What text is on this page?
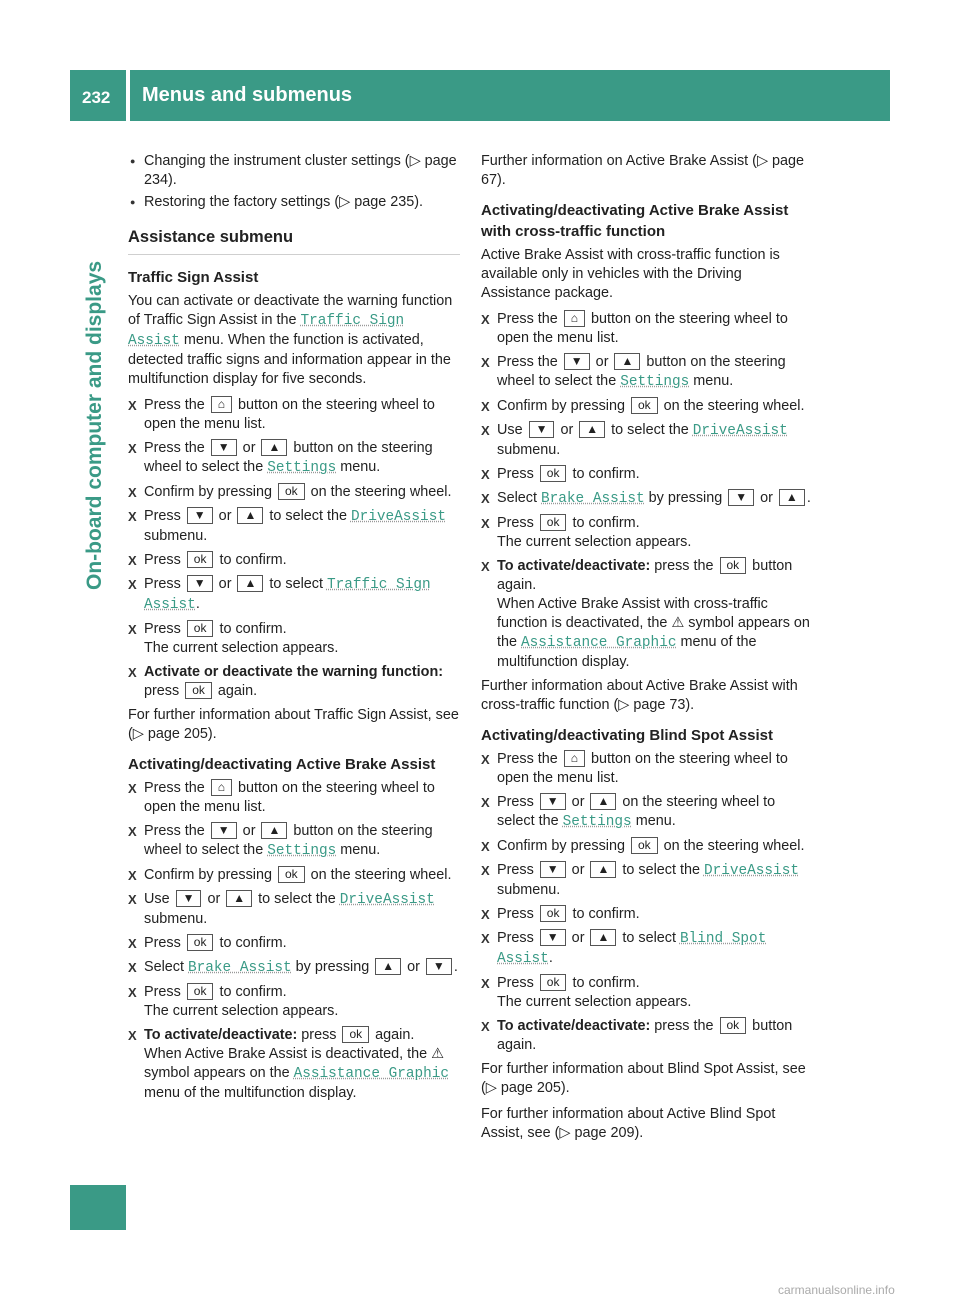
232 Menus and submenus
On-board computer and displays
● Changing the instrument cluster settings (▷ page 234).
● Restoring the factory settings (▷ page 235).
Assistance submenu
Traffic Sign Assist

You can activate or deactivate the warning function of Traffic Sign Assist in the Traffic Sign Assist menu. When the function is activated, detected traffic signs and information appear in the multifunction display for five seconds.

X Press the ⌂ button on the steering wheel to open the menu list.
X Press the ▼ or ▲ button on the steering wheel to select the Settings menu.
X Confirm by pressing ok on the steering wheel.
X Press ▼ or ▲ to select the DriveAssist submenu.
X Press ok to confirm.
X Press ▼ or ▲ to select Traffic Sign Assist.
X Press ok to confirm.
The current selection appears.
X Activate or deactivate the warning function: press ok again.

For further information about Traffic Sign Assist, see (▷ page 205).

Activating/deactivating Active Brake Assist
X Press the ⌂ button on the steering wheel to open the menu list.
X Press the ▼ or ▲ button on the steering wheel to select the Settings menu.
X Confirm by pressing ok on the steering wheel.
X Use ▼ or ▲ to select the DriveAssist submenu.
X Press ok to confirm.
X Select Brake Assist by pressing ▲ or ▼ .
X Press ok to confirm.
The current selection appears.
X To activate/deactivate: press ok again.
When Active Brake Assist is deactivated, the ⚠ symbol appears on the Assistance Graphic menu of the multifunction display.

Further information on Active Brake Assist (▷ page 67).

Activating/deactivating Active Brake Assist with cross-traffic function

Active Brake Assist with cross-traffic function is available only in vehicles with the Driving Assistance package.

X Press the ⌂ button on the steering wheel to open the menu list.
X Press the ▼ or ▲ button on the steering wheel to select the Settings menu.
X Confirm by pressing ok on the steering wheel.
X Use ▼ or ▲ to select the DriveAssist submenu.
X Press ok to confirm.
X Select Brake Assist by pressing ▼ or ▲ .
X Press ok to confirm.
The current selection appears.
X To activate/deactivate: press the ok button again.
When Active Brake Assist with cross-traffic function is deactivated, the ⚠ symbol appears on the Assistance Graphic menu of the multifunction display.

Further information about Active Brake Assist with cross-traffic function (▷ page 73).

Activating/deactivating Blind Spot Assist
X Press the ⌂ button on the steering wheel to open the menu list.
X Press ▼ or ▲ on the steering wheel to select the Settings menu.
X Confirm by pressing ok on the steering wheel.
X Press ▼ or ▲ to select the DriveAssist submenu.
X Press ok to confirm.
X Press ▼ or ▲ to select Blind Spot Assist.
X Press ok to confirm.
The current selection appears.
X To activate/deactivate: press the ok button again.

For further information about Blind Spot Assist, see (▷ page 205).

For further information about Active Blind Spot Assist, see (▷ page 209).

carmanualsonline.info
